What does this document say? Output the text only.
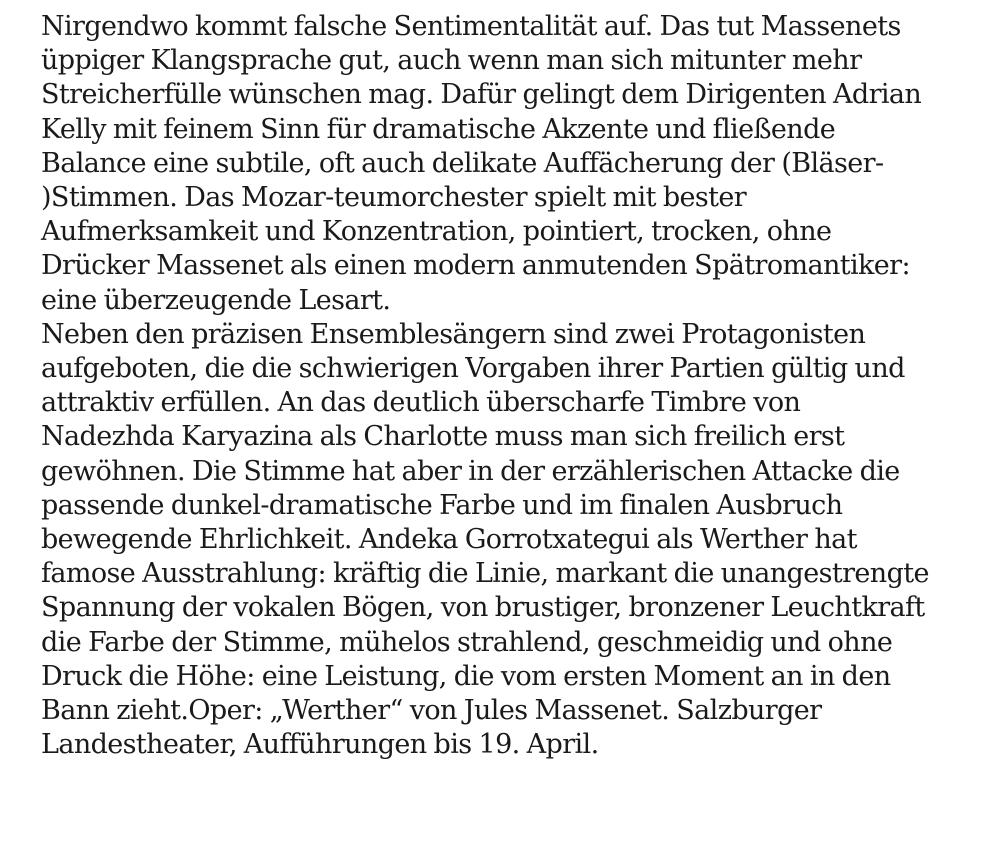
Nirgendwo kommt falsche Sentimentalität auf. Das tut Massenets
üppiger Klangsprache gut, auch wenn man sich mitunter mehr
Streicherfülle wünschen mag. Dafür gelingt dem Dirigenten Adrian
Kelly mit feinem Sinn für dramatische Akzente und fließende
Balance eine subtile, oft auch delikate Auffächerung der (Bläser-
)Stimmen. Das Mozar-teumorchester spielt mit bester
Aufmerksamkeit und Konzentration, pointiert, trocken, ohne
Drücker Massenet als einen modern anmutenden Spätromantiker:
eine überzeugende Lesart.

Neben den präzisen Ensemblesängern sind zwei Protagonisten
aufgeboten, die die schwierigen Vorgaben ihrer Partien gültig und
attraktiv erfüllen. An das deutlich überscharfe Timbre von
Nadezhda Karyazina als Charlotte muss man sich freilich erst
gewöhnen. Die Stimme hat aber in der erzählerischen Attacke die
passende dunkel-dramatische Farbe und im finalen Ausbruch
bewegende Ehrlichkeit. Andeka Gorrotxategui als Werther hat
famose Ausstrahlung: kräftig die Linie, markant die unangestrengte
Spannung der vokalen Bögen, von brustiger, bronzener Leuchtkraft
die Farbe der Stimme, mühelos strahlend, geschmeidig und ohne
Druck die Höhe: eine Leistung, die vom ersten Moment an in den
Bann zieht.Oper: „Werther“ von Jules Massenet. Salzburger
Landestheater, Aufführungen bis 19. April.
